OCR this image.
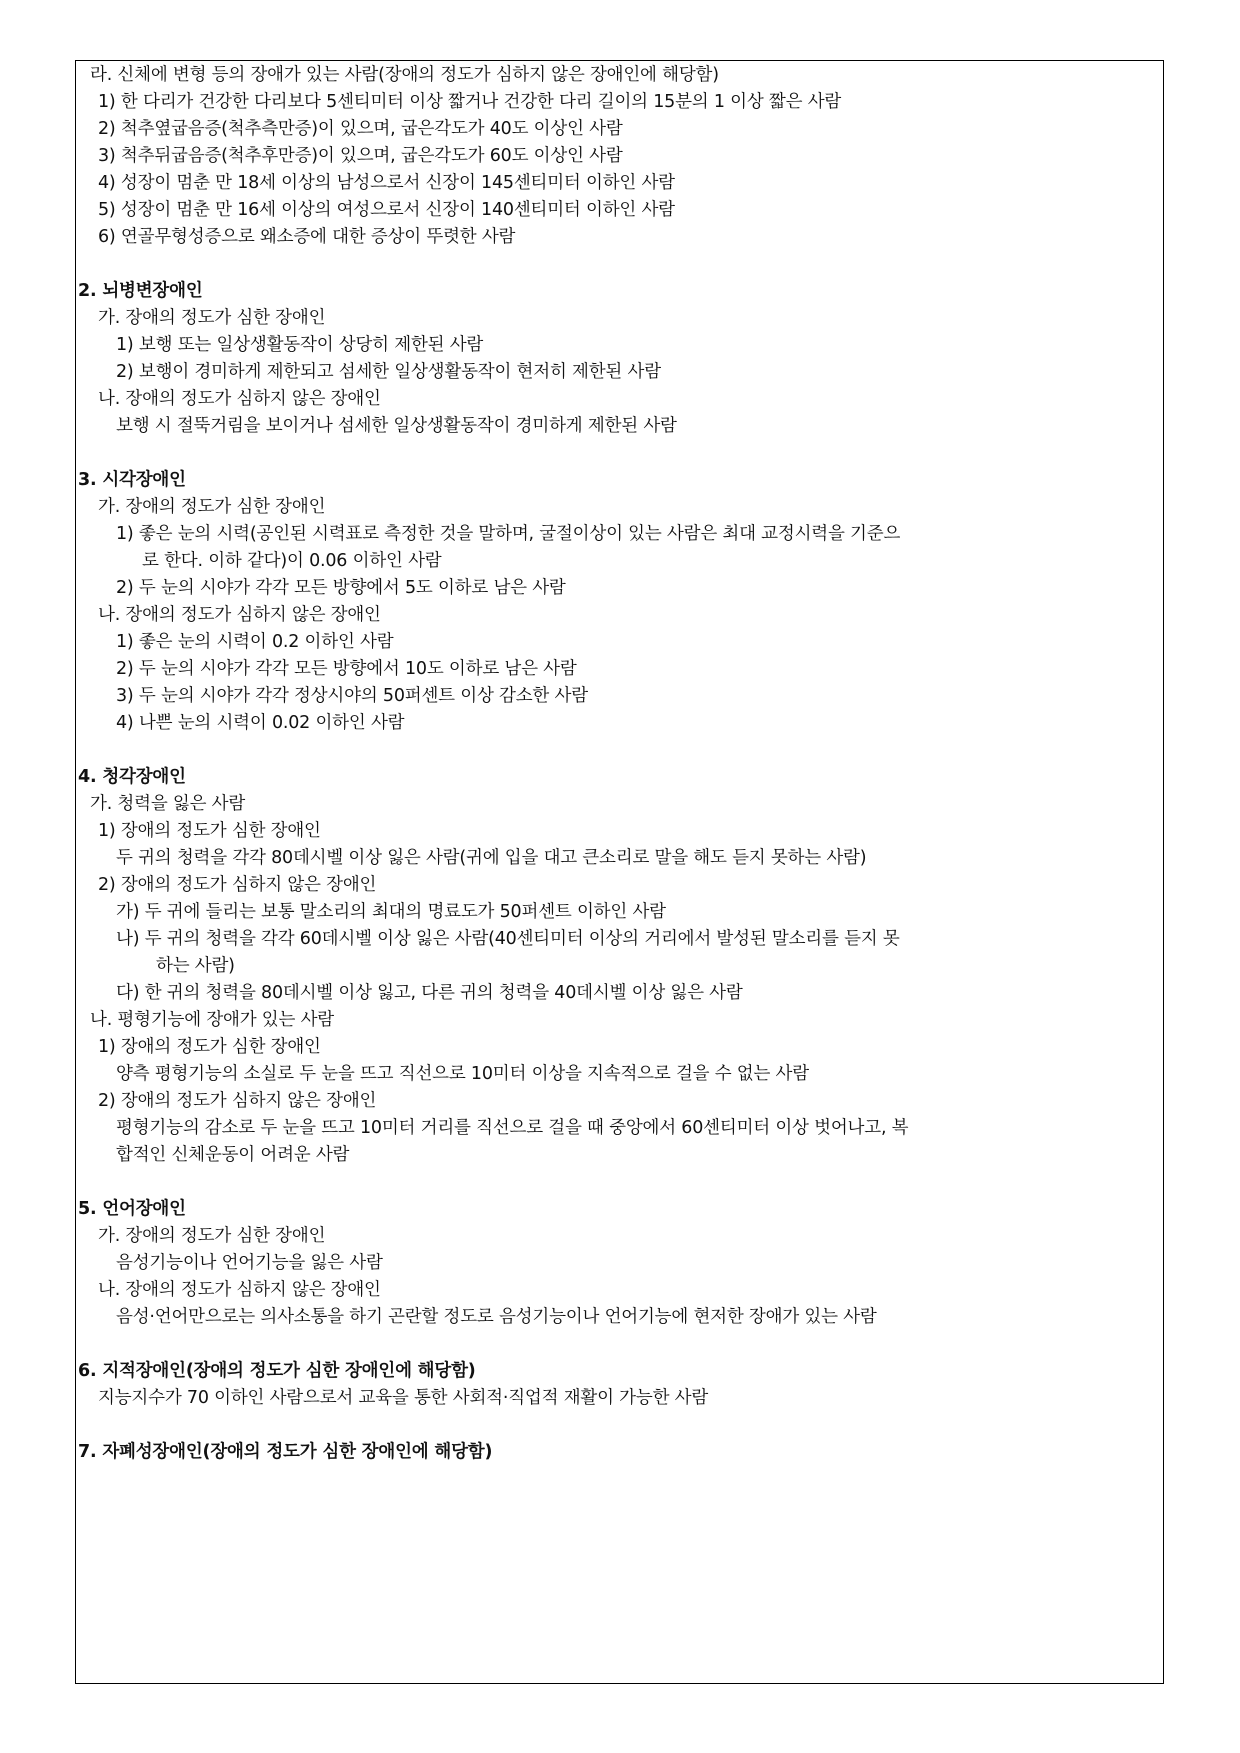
라. 신체에 변형 등의 장애가 있는 사람(장애의 정도가 심하지 않은 장애인에 해당함)
1) 한 다리가 건강한 다리보다 5센티미터 이상 짧거나 건강한 다리 길이의 15분의 1 이상 짧은 사람
2) 척추옆굽음증(척추측만증)이 있으며, 굽은각도가 40도 이상인 사람
3) 척추뒤굽음증(척추후만증)이 있으며, 굽은각도가 60도 이상인 사람
4) 성장이 멈춘 만 18세 이상의 남성으로서 신장이 145센티미터 이하인 사람
5) 성장이 멈춘 만 16세 이상의 여성으로서 신장이 140센티미터 이하인 사람
6) 연골무형성증으로 왜소증에 대한 증상이 뚜렷한 사람
2. 뇌병변장애인
가. 장애의 정도가 심한 장애인
1) 보행 또는 일상생활동작이 상당히 제한된 사람
2) 보행이 경미하게 제한되고 섬세한 일상생활동작이 현저히 제한된 사람
나. 장애의 정도가 심하지 않은 장애인
보행 시 절뚝거림을 보이거나 섬세한 일상생활동작이 경미하게 제한된 사람
3. 시각장애인
가. 장애의 정도가 심한 장애인
1) 좋은 눈의 시력(공인된 시력표로 측정한 것을 말하며, 굴절이상이 있는 사람은 최대 교정시력을 기준으
로 한다. 이하 같다)이 0.06 이하인 사람
2) 두 눈의 시야가 각각 모든 방향에서 5도 이하로 남은 사람
나. 장애의 정도가 심하지 않은 장애인
1) 좋은 눈의 시력이 0.2 이하인 사람
2) 두 눈의 시야가 각각 모든 방향에서 10도 이하로 남은 사람
3) 두 눈의 시야가 각각 정상시야의 50퍼센트 이상 감소한 사람
4) 나쁜 눈의 시력이 0.02 이하인 사람
4. 청각장애인
가. 청력을 잃은 사람
1) 장애의 정도가 심한 장애인
두 귀의 청력을 각각 80데시벨 이상 잃은 사람(귀에 입을 대고 큰소리로 말을 해도 듣지 못하는 사람)
2) 장애의 정도가 심하지 않은 장애인
가) 두 귀에 들리는 보통 말소리의 최대의 명료도가 50퍼센트 이하인 사람
나) 두 귀의 청력을 각각 60데시벨 이상 잃은 사람(40센티미터 이상의 거리에서 발성된 말소리를 듣지 못
하는 사람)
다) 한 귀의 청력을 80데시벨 이상 잃고, 다른 귀의 청력을 40데시벨 이상 잃은 사람
나. 평형기능에 장애가 있는 사람
1) 장애의 정도가 심한 장애인
양측 평형기능의 소실로 두 눈을 뜨고 직선으로 10미터 이상을 지속적으로 걸을 수 없는 사람
2) 장애의 정도가 심하지 않은 장애인
평형기능의 감소로 두 눈을 뜨고 10미터 거리를 직선으로 걸을 때 중앙에서 60센티미터 이상 벗어나고, 복
합적인 신체운동이 어려운 사람
5. 언어장애인
가. 장애의 정도가 심한 장애인
음성기능이나 언어기능을 잃은 사람
나. 장애의 정도가 심하지 않은 장애인
음성·언어만으로는 의사소통을 하기 곤란할 정도로 음성기능이나 언어기능에 현저한 장애가 있는 사람
6. 지적장애인(장애의 정도가 심한 장애인에 해당함)
지능지수가 70 이하인 사람으로서 교육을 통한 사회적·직업적 재활이 가능한 사람
7. 자폐성장애인(장애의 정도가 심한 장애인에 해당함)
